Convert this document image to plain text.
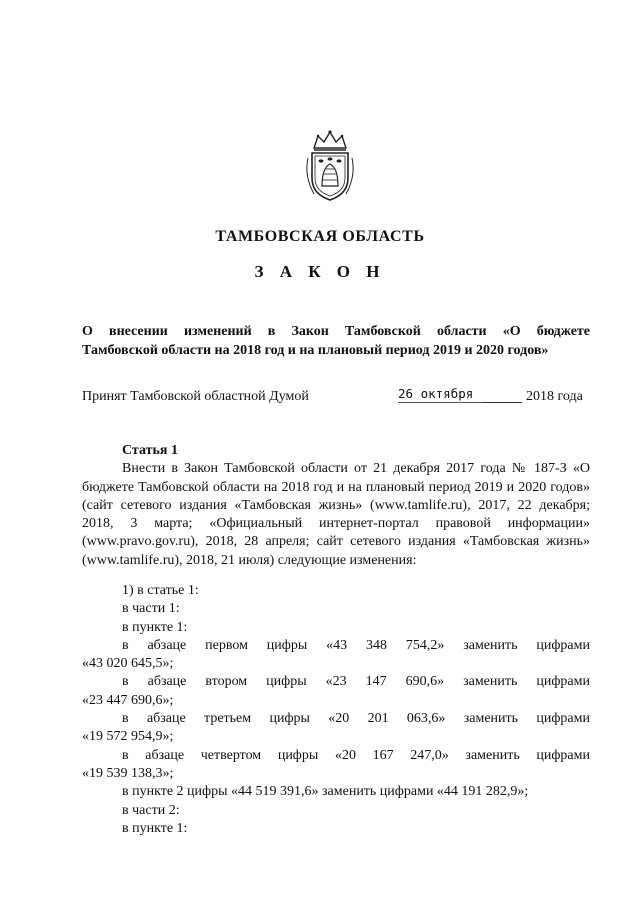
ТАМБОВСКАЯ ОБЛАСТЬ
З А К О Н
О внесении изменений в Закон Тамбовской области «О бюджете
Тамбовской области на 2018 год и на плановый период 2019 и 2020 годов»
Принят Тамбовской областной Думой	26 октября	2018 года
Статья 1
Внести в Закон Тамбовской области от 21 декабря 2017 года № 187-З «О бюджете Тамбовской области на 2018 год и на плановый период 2019 и 2020 годов» (сайт сетевого издания «Тамбовская жизнь» (www.tamlife.ru), 2017, 22 декабря; 2018, 3 марта; «Официальный интернет-портал правовой информации» (www.pravo.gov.ru), 2018, 28 апреля; сайт сетевого издания «Тамбовская жизнь» (www.tamlife.ru), 2018, 21 июля) следующие изменения:
1) в статье 1:
в части 1:
в пункте 1:
в абзаце первом цифры «43 348 754,2» заменить цифрами
«43 020 645,5»;
в абзаце втором цифры «23 147 690,6» заменить цифрами
«23 447 690,6»;
в абзаце третьем цифры «20 201 063,6» заменить цифрами
«19 572 954,9»;
в абзаце четвертом цифры «20 167 247,0» заменить цифрами
«19 539 138,3»;
в пункте 2 цифры «44 519 391,6» заменить цифрами «44 191 282,9»;
в части 2:
в пункте 1:
